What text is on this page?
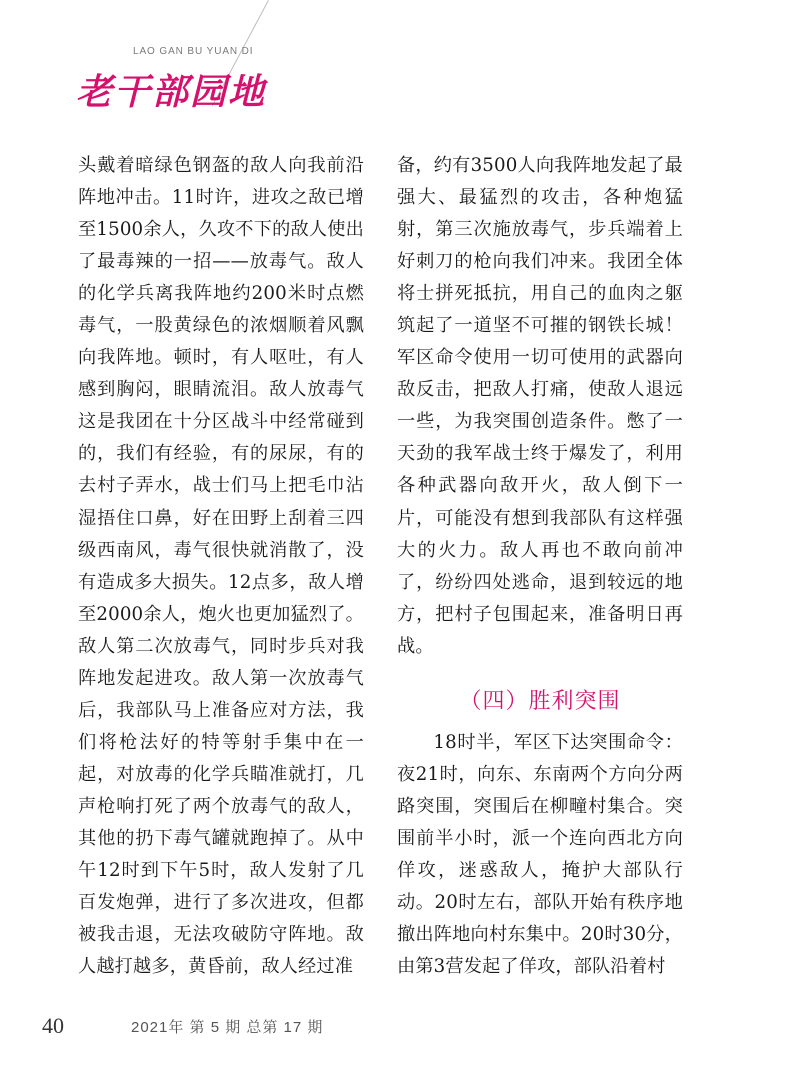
LAO GAN BU YUAN DI
老干部园地

头戴着暗绿色钢盔的敌人向我前沿阵地冲击。11时许，进攻之敌已增至1500余人，久攻不下的敌人使出了最毒辣的一招——放毒气。敌人的化学兵离我阵地约200米时点燃毒气，一股黄绿色的浓烟顺着风飘向我阵地。顿时，有人呕吐，有人感到胸闷，眼睛流泪。敌人放毒气这是我团在十分区战斗中经常碰到的，我们有经验，有的尿尿，有的去村子弄水，战士们马上把毛巾沾湿捂住口鼻，好在田野上刮着三四级西南风，毒气很快就消散了，没有造成多大损失。12点多，敌人增至2000余人，炮火也更加猛烈了。敌人第二次放毒气，同时步兵对我阵地发起进攻。敌人第一次放毒气后，我部队马上准备应对方法，我们将枪法好的特等射手集中在一起，对放毒的化学兵瞄准就打，几声枪响打死了两个放毒气的敌人，其他的扔下毒气罐就跑掉了。从中午12时到下午5时，敌人发射了几百发炮弹，进行了多次进攻，但都被我击退，无法攻破防守阵地。敌人越打越多，黄昏前，敌人经过准

备，约有3500人向我阵地发起了最强大、最猛烈的攻击，各种炮猛射，第三次施放毒气，步兵端着上好刺刀的枪向我们冲来。我团全体将士拼死抵抗，用自己的血肉之躯筑起了一道坚不可摧的钢铁长城！军区命令使用一切可使用的武器向敌反击，把敌人打痛，使敌人退远一些，为我突围创造条件。憋了一天劲的我军战士终于爆发了，利用各种武器向敌开火，敌人倒下一片，可能没有想到我部队有这样强大的火力。敌人再也不敢向前冲了，纷纷四处逃命，退到较远的地方，把村子包围起来，准备明日再战。

（四）胜利突围

18时半，军区下达突围命令：夜21时，向东、东南两个方向分两路突围，突围后在柳疃村集合。突围前半小时，派一个连向西北方向佯攻，迷惑敌人，掩护大部队行动。20时左右，部队开始有秩序地撤出阵地向村东集中。20时30分，由第3营发起了佯攻，部队沿着村

40	2021年 第 5 期 总第 17 期
